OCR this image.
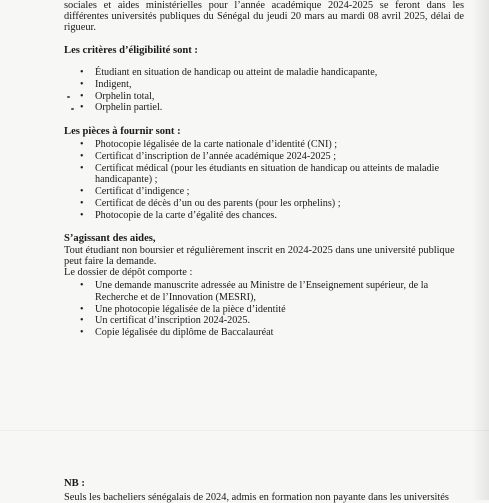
sociales et aides ministérielles pour l’année académique 2024-2025 se feront dans les
différentes universités publiques du Sénégal du jeudi 20 mars au mardi 08 avril 2025, délai de
rigueur.
Les critères d’éligibilité sont :
• Étudiant en situation de handicap ou atteint de maladie handicapante,
• Indigent,
• Orphelin total,
• Orphelin partiel.
Les pièces à fournir sont :
• Photocopie légalisée de la carte nationale d’identité (CNI) ;
• Certificat d’inscription de l’année académique 2024-2025 ;
• Certificat médical (pour les étudiants en situation de handicap ou atteints de maladie
handicapante) ;
• Certificat d’indigence ;
• Certificat de décès d’un ou des parents (pour les orphelins) ;
• Photocopie de la carte d’égalité des chances.
S’agissant des aides,
Tout étudiant non boursier et régulièrement inscrit en 2024-2025 dans une université publique
peut faire la demande.
Le dossier de dépôt comporte :
• Une demande manuscrite adressée au Ministre de l’Enseignement supérieur, de la
Recherche et de l’Innovation (MESRI),
• Une photocopie légalisée de la pièce d’identité
• Un certificat d’inscription 2024-2025.
• Copie légalisée du diplôme de Baccalauréat
NB :
Seuls les bacheliers sénégalais de 2024, admis en formation non payante dans les universités
